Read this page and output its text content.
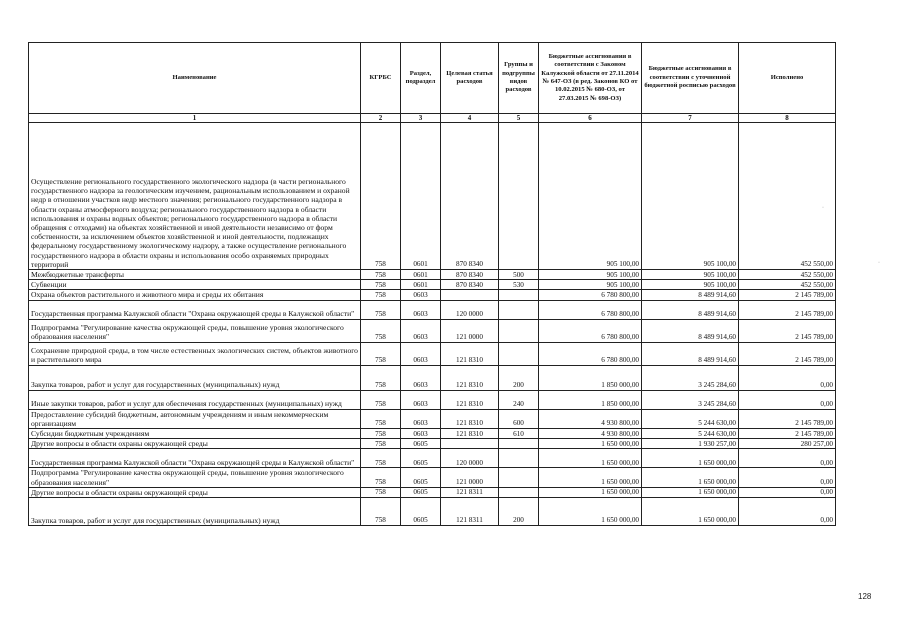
Наименование	КГРБС	Раздел, подраздел	Целевая статья расходов	Группы и подгруппы видов расходов	Бюджетные ассигнования в соответствии с Законом Калужской области от 27.11.2014 № 647-ОЗ (в ред. Законов КО от 10.02.2015 № 680-ОЗ, от 27.03.2015 № 698-ОЗ)	Бюджетные ассигнования в соответствии с уточненной бюджетной росписью расходов	Исполнено
1	2	3	4	5	6	7	8
Осуществление регионального государственного экологического надзора (в части регионального государственного надзора за геологическим изучением, рациональным использованием и охраной недр в отношении участков недр местного значения; регионального государственного надзора в области охраны атмосферного воздуха; регионального государственного надзора в области использования и охраны водных объектов; регионального государственного надзора в области обращения с отходами) на объектах хозяйственной и иной деятельности независимо от форм собственности, за исключением объектов хозяйственной и иной деятельности, подлежащих федеральному государственному экологическому надзору, а также осуществление регионального государственного надзора в области охраны и использования особо охраняемых природных территорий	758	0601	870 8340		905 100,00	905 100,00	452 550,00
Межбюджетные трансферты	758	0601	870 8340	500	905 100,00	905 100,00	452 550,00
Субвенции	758	0601	870 8340	530	905 100,00	905 100,00	452 550,00
Охрана объектов растительного и животного мира и среды их обитания	758	0603			6 780 800,00	8 489 914,60	2 145 789,00
Государственная программа Калужской области "Охрана окружающей среды в Калужской области"	758	0603	120 0000		6 780 800,00	8 489 914,60	2 145 789,00
Подпрограмма "Регулирование качества окружающей среды, повышение уровня экологического образования населения"	758	0603	121 0000		6 780 800,00	8 489 914,60	2 145 789,00
Сохранение природной среды, в том числе естественных экологических систем, объектов животного и растительного мира	758	0603	121 8310		6 780 800,00	8 489 914,60	2 145 789,00
Закупка товаров, работ и услуг для государственных (муниципальных) нужд	758	0603	121 8310	200	1 850 000,00	3 245 284,60	0,00
Иные закупки товаров, работ и услуг для обеспечения государственных (муниципальных) нужд	758	0603	121 8310	240	1 850 000,00	3 245 284,60	0,00
Предоставление субсидий бюджетным, автономным учреждениям и иным некоммерческим организациям	758	0603	121 8310	600	4 930 800,00	5 244 630,00	2 145 789,00
Субсидии бюджетным учреждениям	758	0603	121 8310	610	4 930 800,00	5 244 630,00	2 145 789,00
Другие вопросы в области охраны окружающей среды	758	0605			1 650 000,00	1 930 257,00	280 257,00
Государственная программа Калужской области "Охрана окружающей среды в Калужской области"	758	0605	120 0000		1 650 000,00	1 650 000,00	0,00
Подпрограмма "Регулирование качества окружающей среды, повышение уровня экологического образования населения"	758	0605	121 0000		1 650 000,00	1 650 000,00	0,00
Другие вопросы в области охраны окружающей среды	758	0605	121 8311		1 650 000,00	1 650 000,00	0,00
Закупка товаров, работ и услуг для государственных (муниципальных) нужд	758	0605	121 8311	200	1 650 000,00	1 650 000,00	0,00
128
·
·
